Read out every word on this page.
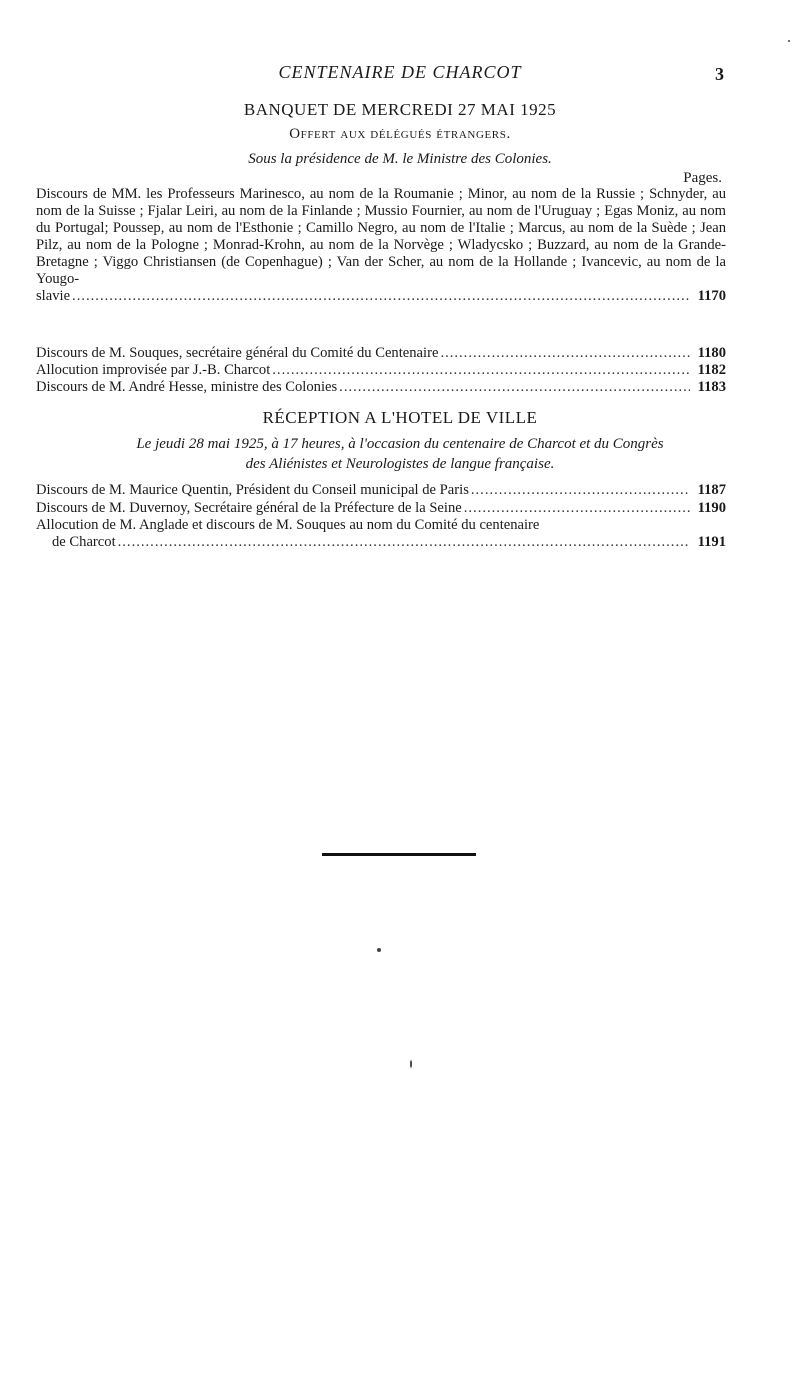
CENTENAIRE DE CHARCOT	3
BANQUET DE MERCREDI 27 MAI 1925
Offert aux délégués étrangers.
Sous la présidence de M. le Ministre des Colonies.
Pages.
Discours de MM. les Professeurs Marinesco, au nom de la Roumanie ; Minor, au nom de la Russie ; Schnyder, au nom de la Suisse ; Fjalar Leiri, au nom de la Finlande ; Mussio Fournier, au nom de l'Uruguay ; Egas Moniz, au nom du Portugal; Poussep, au nom de l'Esthonie ; Camillo Negro, au nom de l'Italie ; Marcus, au nom de la Suède ; Jean Pilz, au nom de la Pologne ; Monrad-Krohn, au nom de la Norvège ; Wladycsko ; Buzzard, au nom de la Grande-Bretagne ; Viggo Christiansen (de Copenhague) ; Van der Scher, au nom de la Hollande ; Ivancevic, au nom de la Yougo-
slavie .....	1170
Discours de M. Souques, secrétaire général du Comité du Centenaire .....	1180
Allocution improvisée par J.-B. Charcot .....	1182
Discours de M. André Hesse, ministre des Colonies .....	1183
RÉCEPTION A L'HOTEL DE VILLE
Le jeudi 28 mai 1925, à 17 heures, à l'occasion du centenaire de Charcot et du Congrès
des Aliénistes et Neurologistes de langue française.
Discours de M. Maurice Quentin, Président du Conseil municipal de Paris .....	1187
Discours de M. Duvernoy, Secrétaire général de la Préfecture de la Seine .....	1190
Allocution de M. Anglade et discours de M. Souques au nom du Comité du centenaire
de Charcot .....	1191
